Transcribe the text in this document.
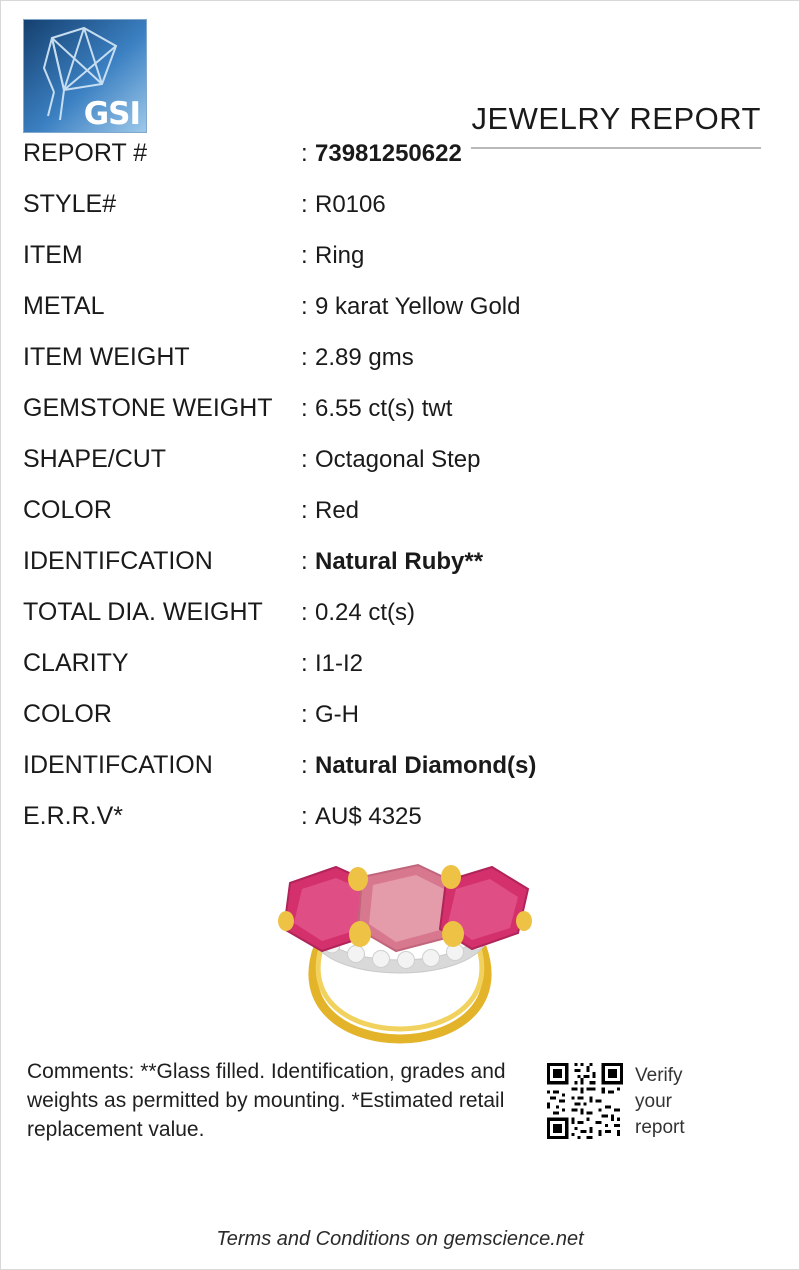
GSI	JEWELRY REPORT
REPORT #	: 73981250622
STYLE#	: R0106
ITEM	: Ring
METAL	: 9 karat Yellow Gold
ITEM WEIGHT	: 2.89 gms
GEMSTONE WEIGHT	: 6.55 ct(s) twt
SHAPE/CUT	: Octagonal Step
COLOR	: Red
IDENTIFCATION	: Natural Ruby**
TOTAL DIA. WEIGHT	: 0.24 ct(s)
CLARITY	: I1-I2
COLOR	: G-H
IDENTIFCATION	: Natural Diamond(s)
E.R.R.V*	: AU$ 4325
Comments: **Glass filled. Identification, grades and weights as permitted by mounting. *Estimated retail replacement value.
Verify
your
report
Terms and Conditions on gemscience.net
